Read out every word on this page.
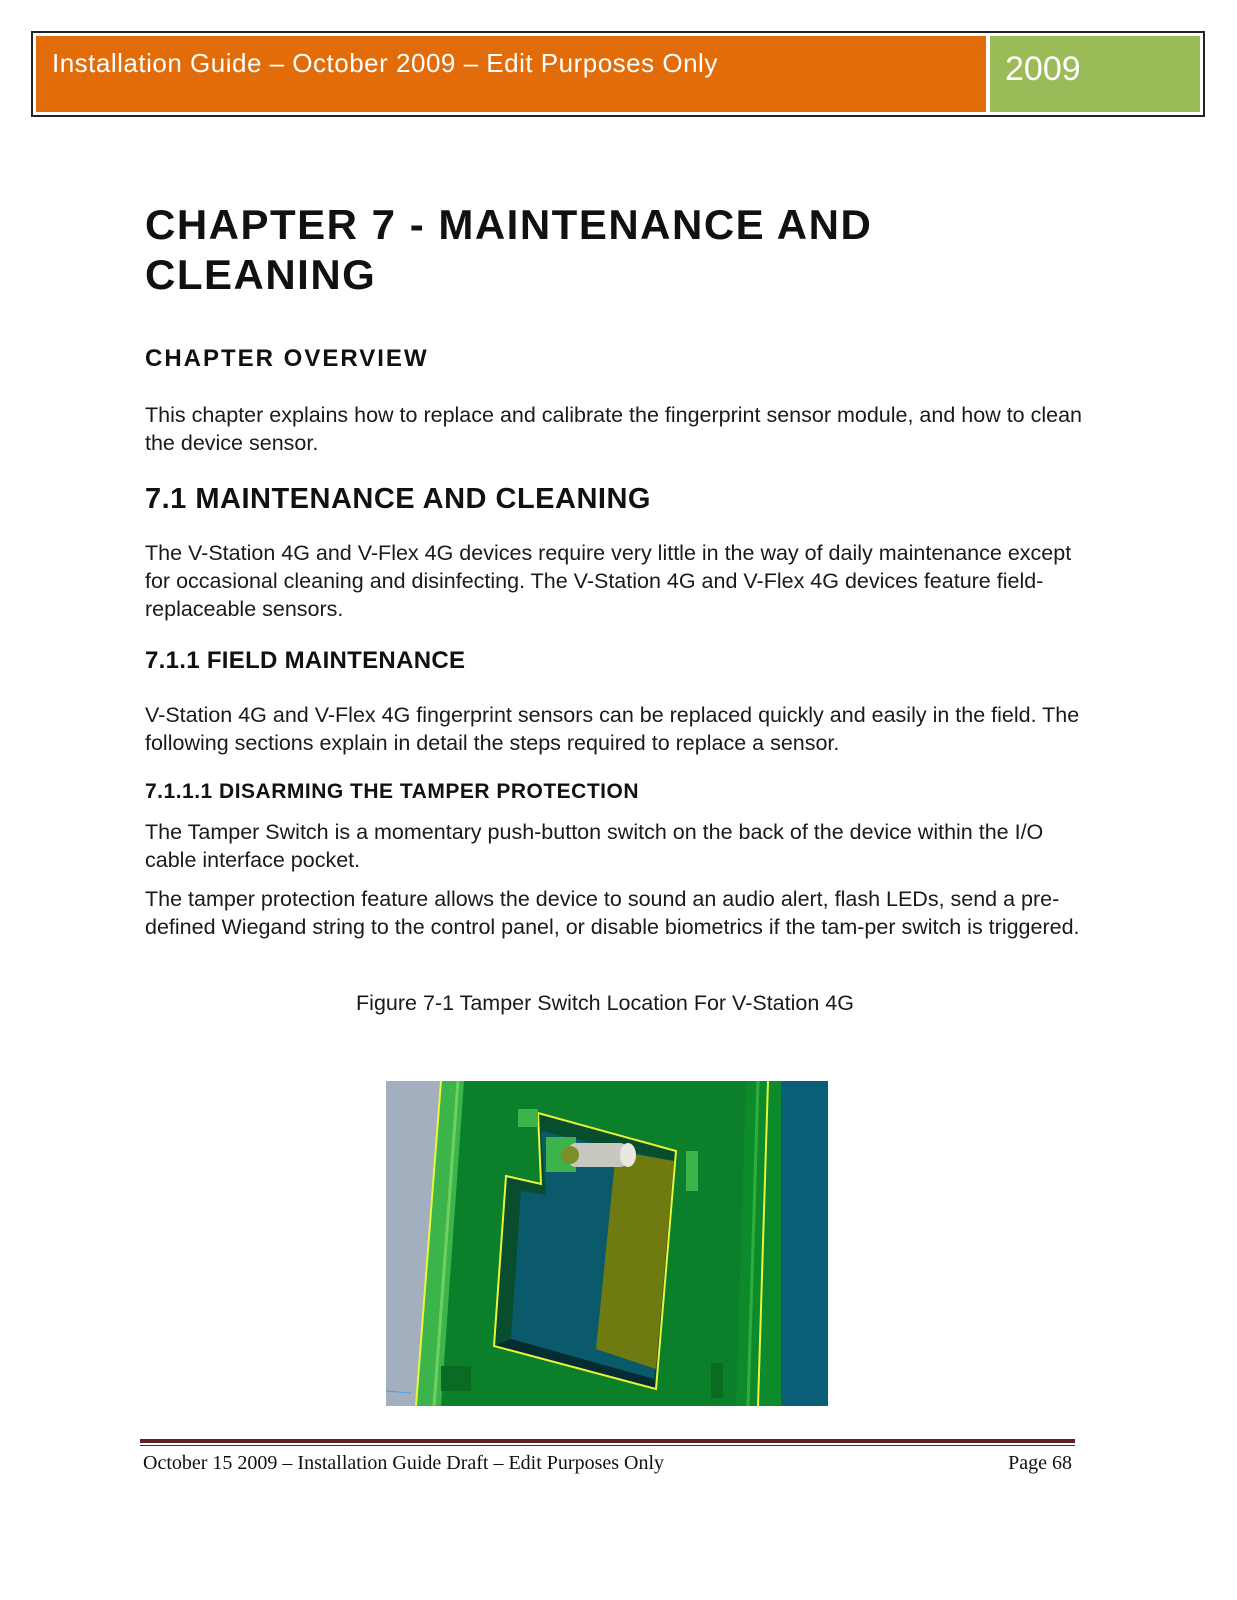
Installation Guide – October 2009 – Edit Purposes Only	2009
CHAPTER 7 - MAINTENANCE AND
CLEANING
CHAPTER OVERVIEW
This chapter explains how to replace and calibrate the fingerprint sensor module, and how to clean the device sensor.
7.1 MAINTENANCE AND CLEANING
The V-Station 4G and V-Flex 4G devices require very little in the way of daily maintenance except for occasional cleaning and disinfecting. The V-Station 4G and V-Flex 4G devices feature field-replaceable sensors.
7.1.1 FIELD MAINTENANCE
V-Station 4G and V-Flex 4G fingerprint sensors can be replaced quickly and easily in the field. The following sections explain in detail the steps required to replace a sensor.
7.1.1.1 DISARMING THE TAMPER PROTECTION
The Tamper Switch is a momentary push-button switch on the back of the device within the I/O cable interface pocket.
The tamper protection feature allows the device to sound an audio alert, flash LEDs, send a pre-defined Wiegand string to the control panel, or disable biometrics if the tam-per switch is triggered.
Figure 7-1 Tamper Switch Location For V-Station 4G
October 15 2009 – Installation Guide Draft – Edit Purposes Only	Page 68
